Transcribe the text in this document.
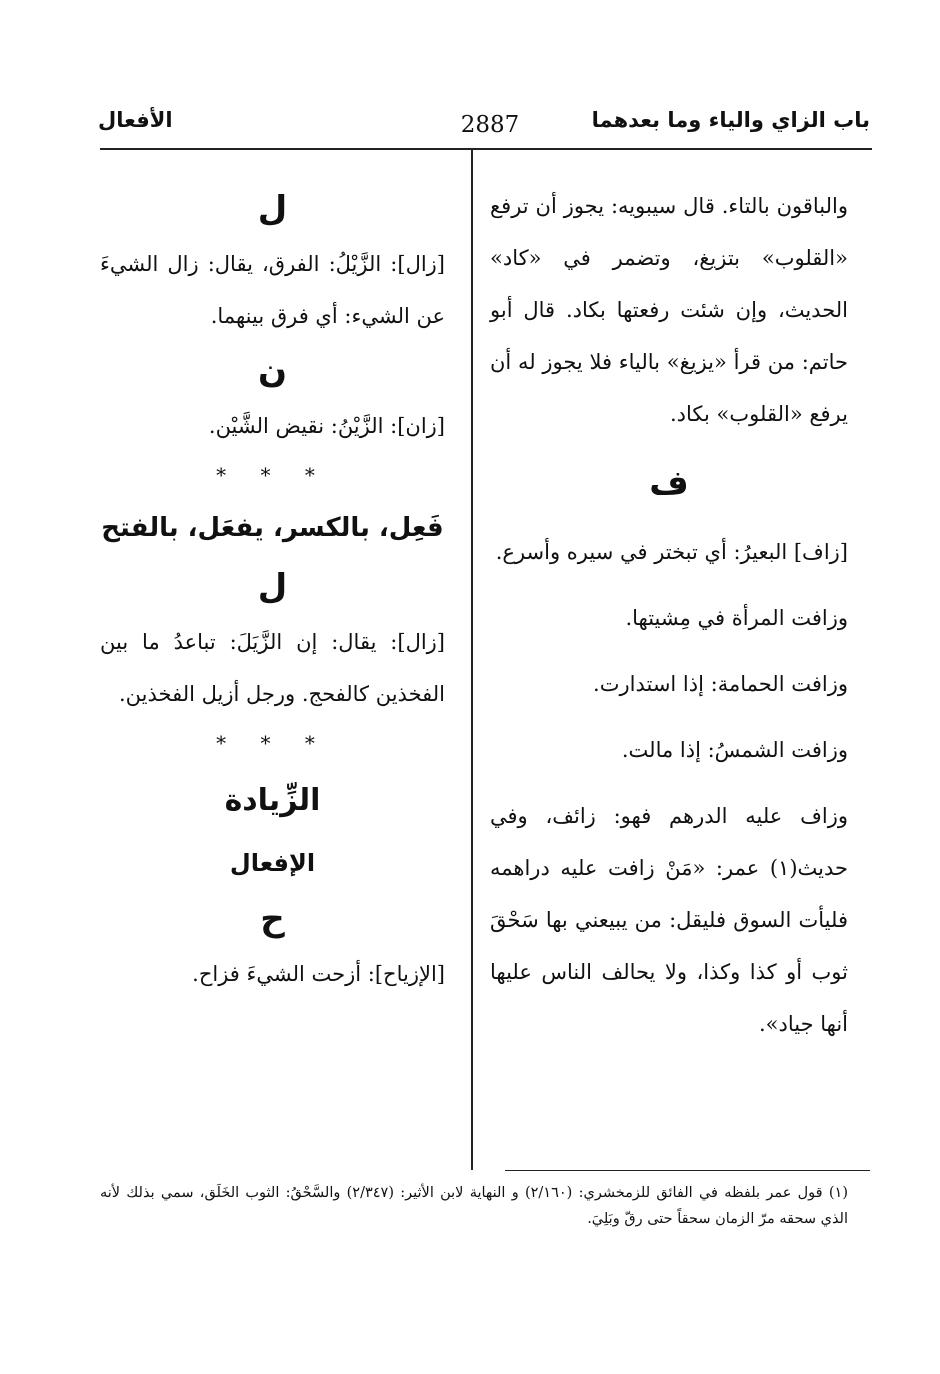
باب الزاي والياء وما بعدهما
2887
الأفعال

والباقون بالتاء. قال سيبويه: يجوز أن ترفع «القلوب» بتزيغ، وتضمر في «كاد» الحديث، وإن شئت رفعتها بكاد. قال أبو حاتم: من قرأ «يزيغ» بالياء فلا يجوز له أن يرفع «القلوب» بكاد.

ف

[زاف] البعيرُ: أي تبختر في سيره وأسرع.

وزافت المرأة في مِشيتها.

وزافت الحمامة: إذا استدارت.

وزافت الشمسُ: إذا مالت.

وزاف عليه الدرهم فهو: زائف، وفي حديث(١) عمر: «مَنْ زافت عليه دراهمه فليأت السوق فليقل: من يبيعني بها سَحْقَ ثوب أو كذا وكذا، ولا يحالف الناس عليها أنها جياد».

ل

[زال]: الزَّيْلُ: الفرق، يقال: زال الشيءَ عن الشيء: أي فرق بينهما.

ن

[زان]: الزَّيْنُ: نقيض الشَّيْن.

* * *
فَعِل، بالكسر، يفعَل، بالفتح
ل

[زال]: يقال: إن الزَّيَلَ: تباعدُ ما بين الفخذين كالفحج. ورجل أزيل الفخذين.

* * *
الزِّيادة
الإفعال
ح

[الإزياح]: أزحت الشيءَ فزاح.

(١) قول عمر بلفظه في الفائق للزمخشري: (٢/١٦٠) و النهاية لابن الأثير: (٢/٣٤٧) والسَّحْقُ: الثوب الخَلَق، سمي بذلك لأنه الذي سحقه مرّ الزمان سحقاً حتى رقّ وبَلِيَ.
